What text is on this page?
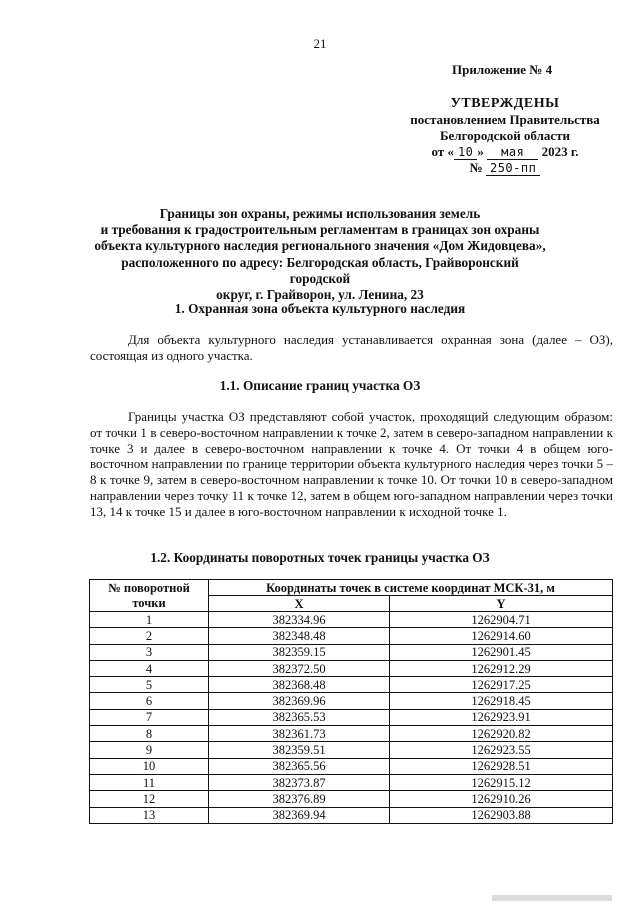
21
Приложение № 4
УТВЕРЖДЕНЫ
постановлением Правительства
Белгородской области
от « 10 » мая 2023 г.
№ 250-пп
Границы зон охраны, режимы использования земель
и требования к градостроительным регламентам в границах зон охраны
объекта культурного наследия регионального значения «Дом Жидовцева»,
расположенного по адресу: Белгородская область, Грайворонский городской
округ, г. Грайворон, ул. Ленина, 23
1. Охранная зона объекта культурного наследия

Для объекта культурного наследия устанавливается охранная зона (далее – ОЗ), состоящая из одного участка.

1.1. Описание границ участка ОЗ

Границы участка ОЗ представляют собой участок, проходящий следующим образом: от точки 1 в северо-восточном направлении к точке 2, затем в северо-западном направлении к точке 3 и далее в северо-восточном направлении к точке 4. От точки 4 в общем юго-восточном направлении по границе территории объекта культурного наследия через точки 5 – 8 к точке 9, затем в северо-восточном направлении к точке 10. От точки 10 в северо-западном направлении через точку 11 к точке 12, затем в общем юго-западном направлении через точки 13, 14 к точке 15 и далее в юго-восточном направлении к исходной точке 1.

1.2. Координаты поворотных точек границы участка ОЗ
№ поворотной точки	Координаты точек в системе координат МСК-31, м	
	X	Y
1	382334.96	1262904.71
2	382348.48	1262914.60
3	382359.15	1262901.45
4	382372.50	1262912.29
5	382368.48	1262917.25
6	382369.96	1262918.45
7	382365.53	1262923.91
8	382361.73	1262920.82
9	382359.51	1262923.55
10	382365.56	1262928.51
11	382373.87	1262915.12
12	382376.89	1262910.26
13	382369.94	1262903.88
